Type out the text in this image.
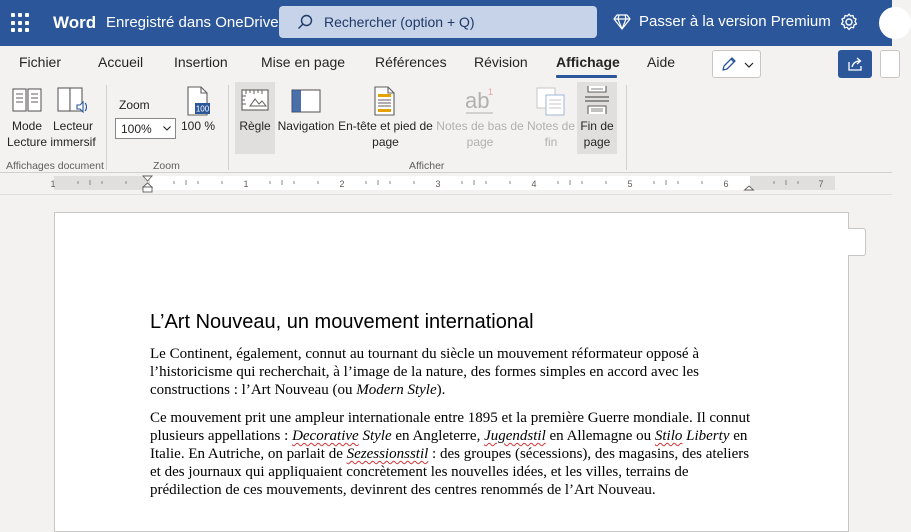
Word Enregistré dans OneDrive	Rechercher (option + Q)	Passer à la version Premium
Fichier	Accueil Insertion Mise en page Références Révision Affichage Aide
Mode
Lecture
Lecteur
immersif
Affichages document
Zoom
100%
100
100 %
Zoom
Règle Navigation En-tête et pied de
page
ab
1
Notes de bas de
page
Notes de
fin
Fin de
page
Afficher
1	1	2	3	4	5	6	7
L’Art Nouveau, un mouvement international
Le Continent, également, connut au tournant du siècle un mouvement réformateur opposé à
l’historicisme qui recherchait, à l’image de la nature, des formes simples en accord avec les
constructions : l’Art Nouveau (ou Modern Style).
Ce mouvement prit une ampleur internationale entre 1895 et la première Guerre mondiale. Il connut
plusieurs appellations : Decorative Style en Angleterre, Jugendstil en Allemagne ou Stilo Liberty en
Italie. En Autriche, on parlait de Sezessionsstil : des groupes (sécessions), des magasins, des ateliers
et des journaux qui appliquaient concrètement les nouvelles idées, et les villes, terrains de
prédilection de ces mouvements, devinrent des centres renommés de l’Art Nouveau.
